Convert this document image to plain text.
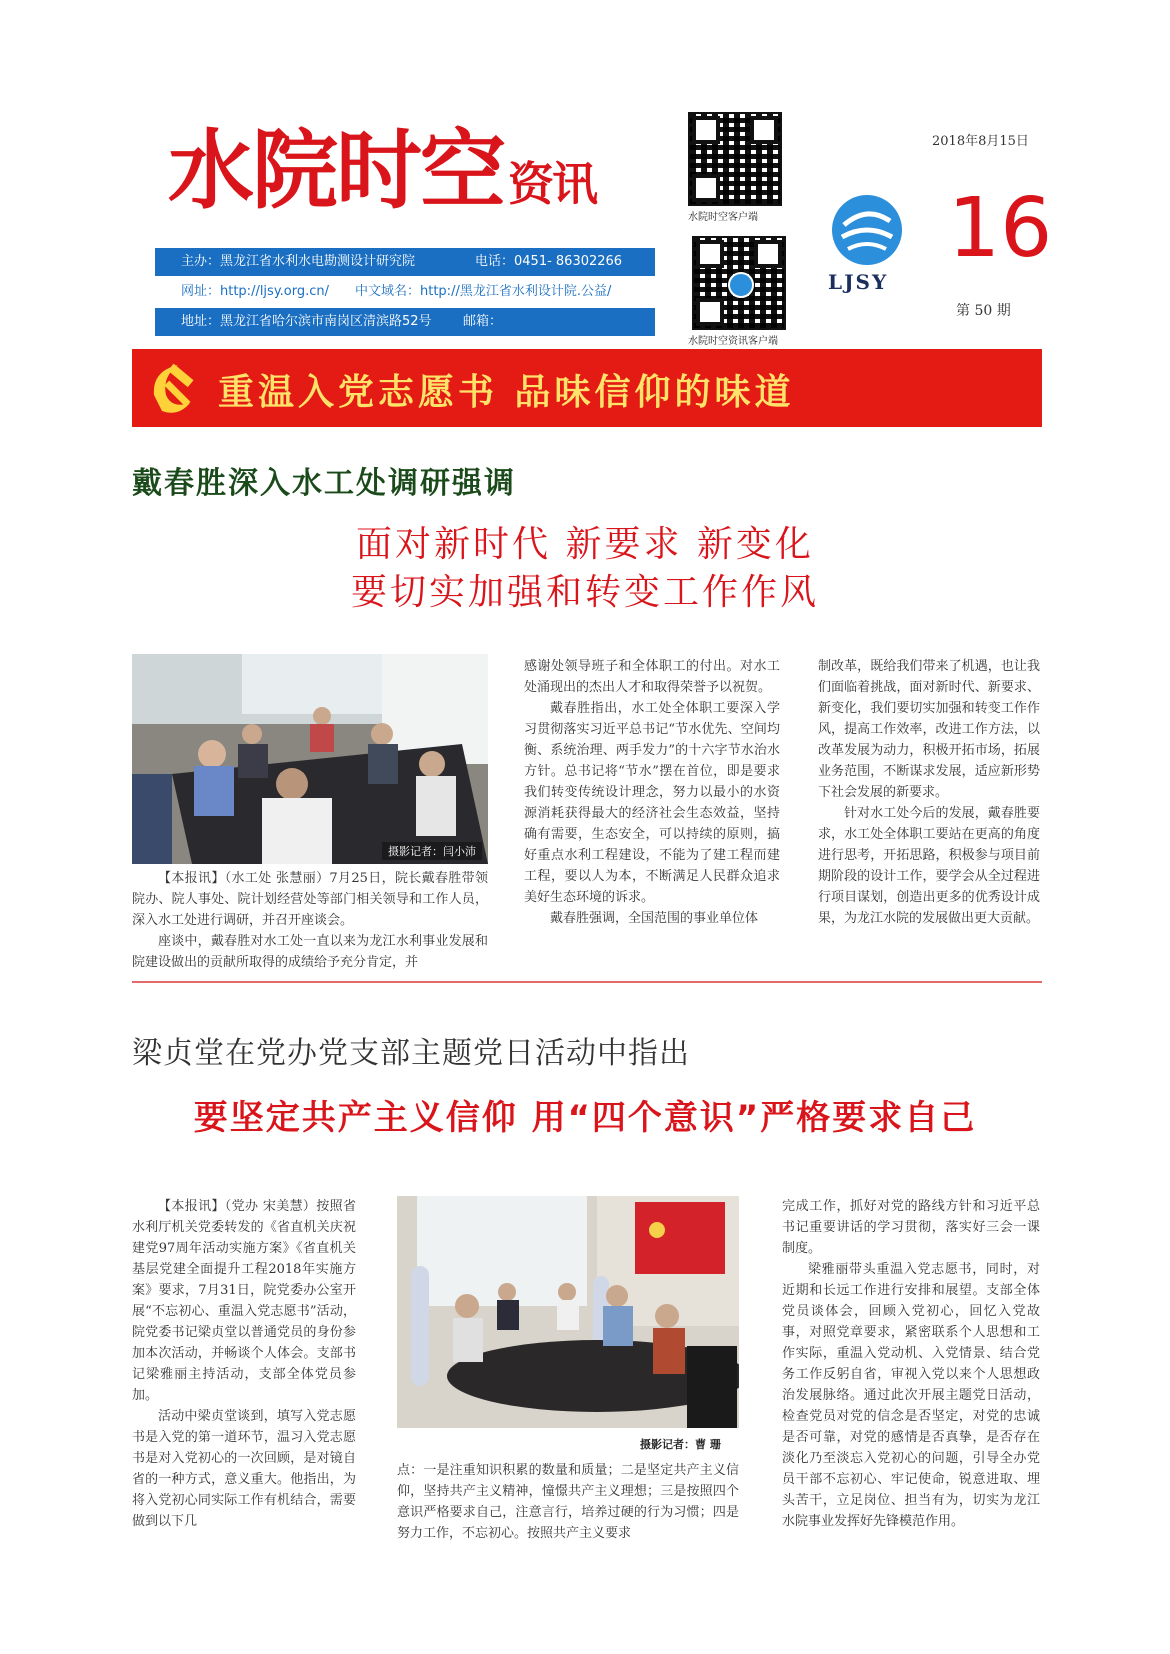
水院时空资讯
主办：黑龙江省水利水电勘测设计研究院	电话：0451- 86302266
网址：http://ljsy.org.cn/ 中文域名：http://黑龙江省水利设计院.公益/
地址：黑龙江省哈尔滨市南岗区清滨路52号 邮箱：
水院时空客户端
水院时空资讯客户端
LJSY
2018年8月15日
16
第 50 期
重温入党志愿书 品味信仰的味道
戴春胜深入水工处调研强调
面对新时代 新要求 新变化
要切实加强和转变工作作风
摄影记者：闫小沛

【本报讯】（水工处 张慧丽）7月25日，院长戴春胜带领院办、院人事处、院计划经营处等部门相关领导和工作人员，深入水工处进行调研，并召开座谈会。

座谈中，戴春胜对水工处一直以来为龙江水利事业发展和院建设做出的贡献所取得的成绩给予充分肯定，并

感谢处领导班子和全体职工的付出。对水工处涌现出的杰出人才和取得荣誉予以祝贺。

戴春胜指出，水工处全体职工要深入学习贯彻落实习近平总书记“节水优先、空间均衡、系统治理、两手发力”的十六字节水治水方针。总书记将“节水”摆在首位，即是要求我们转变传统设计理念，努力以最小的水资源消耗获得最大的经济社会生态效益，坚持确有需要，生态安全，可以持续的原则，搞好重点水利工程建设，不能为了建工程而建工程，要以人为本，不断满足人民群众追求美好生态环境的诉求。

戴春胜强调，全国范围的事业单位体

制改革，既给我们带来了机遇，也让我们面临着挑战，面对新时代、新要求、新变化，我们要切实加强和转变工作作风，提高工作效率，改进工作方法，以改革发展为动力，积极开拓市场，拓展业务范围，不断谋求发展，适应新形势下社会发展的新要求。

针对水工处今后的发展，戴春胜要求，水工处全体职工要站在更高的角度进行思考，开拓思路，积极参与项目前期阶段的设计工作，要学会从全过程进行项目谋划，创造出更多的优秀设计成果，为龙江水院的发展做出更大贡献。

梁贞堂在党办党支部主题党日活动中指出
要坚定共产主义信仰 用“四个意识”严格要求自己
摄影记者：曹 珊

【本报讯】（党办 宋美慧）按照省水利厅机关党委转发的《省直机关庆祝建党97周年活动实施方案》《省直机关基层党建全面提升工程2018年实施方案》要求，7月31日，院党委办公室开展“不忘初心、重温入党志愿书”活动，院党委书记梁贞堂以普通党员的身份参加本次活动，并畅谈个人体会。支部书记梁雅丽主持活动，支部全体党员参加。

活动中梁贞堂谈到，填写入党志愿书是入党的第一道环节，温习入党志愿书是对入党初心的一次回顾，是对镜自省的一种方式，意义重大。他指出，为将入党初心同实际工作有机结合，需要做到以下几

点：一是注重知识积累的数量和质量；二是坚定共产主义信仰，坚持共产主义精神，憧憬共产主义理想；三是按照四个意识严格要求自己，注意言行，培养过硬的行为习惯；四是努力工作，不忘初心。按照共产主义要求

完成工作，抓好对党的路线方针和习近平总书记重要讲话的学习贯彻，落实好三会一课制度。

梁雅丽带头重温入党志愿书，同时，对近期和长远工作进行安排和展望。支部全体党员谈体会，回顾入党初心，回忆入党故事，对照党章要求，紧密联系个人思想和工作实际，重温入党动机、入党情景、结合党务工作反躬自省，审视入党以来个人思想政治发展脉络。通过此次开展主题党日活动，检查党员对党的信念是否坚定，对党的忠诚是否可靠，对党的感情是否真挚，是否存在淡化乃至淡忘入党初心的问题，引导全办党员干部不忘初心、牢记使命，锐意进取、埋头苦干，立足岗位、担当有为，切实为龙江水院事业发挥好先锋模范作用。
